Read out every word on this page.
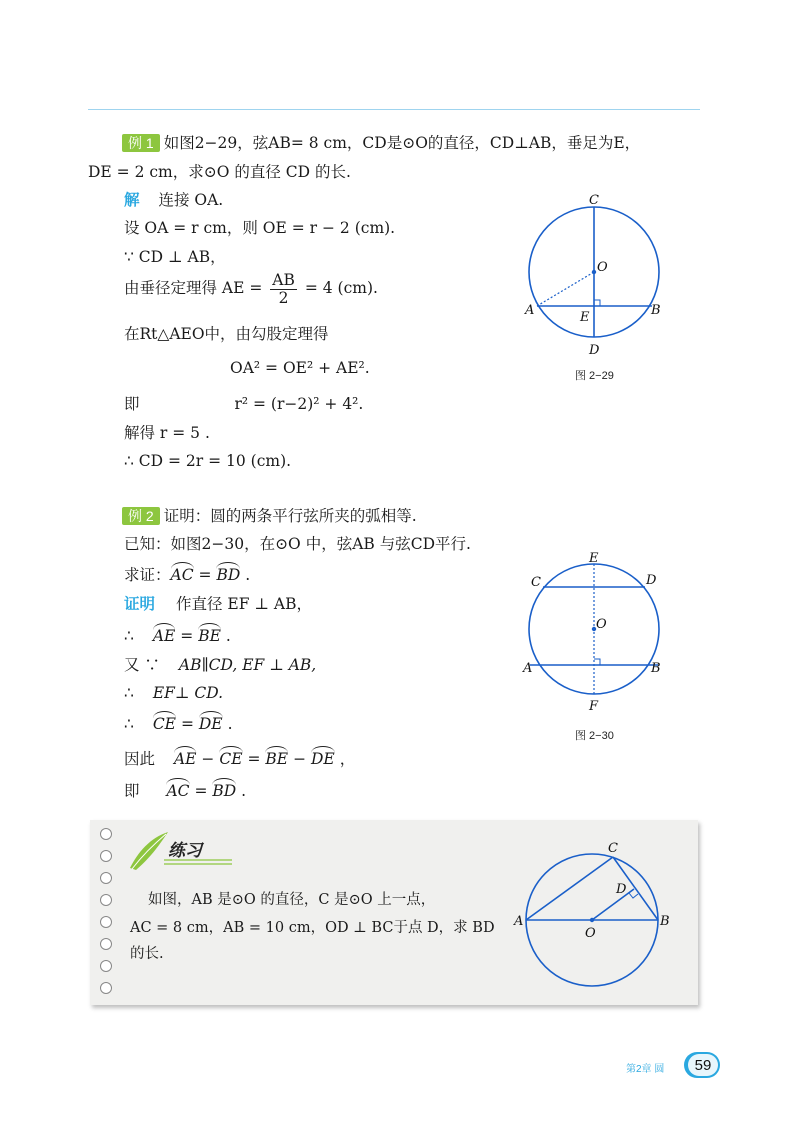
例 1 如图2−29，弦AB= 8 cm，CD是⊙O的直径，CD⊥AB，垂足为E，
DE = 2 cm，求⊙O 的直径 CD 的长.
解 连接 OA.
设 OA = r cm，则 OE = r − 2 (cm).
∵ CD ⊥ AB，
由垂径定理得 AE = $\frac{AB}{2} = 4$ (cm).
在Rt△AEO中，由勾股定理得
OA² = OE² + AE².
即	r² = (r−2)² + 4².
解得 r = 5 .
∴ CD = 2r = 10 (cm).
C
O
A	E	B
D
图 2−29
例 2 证明：圆的两条平行弦所夹的弧相等.
已知：如图2−30，在⊙O 中，弦AB 与弦CD平行.
求证：AC = BD .
证明 作直径 EF ⊥ AB，
∴ AE = BE .
又 ∵ AB∥CD, EF ⊥ AB,
∴ EF⊥ CD.
∴ CE = DE .
因此 AE − CE = BE − DE ，
即 AC = BD .
E
C	D
O
A	B
F
图 2−30
练习
如图，AB 是⊙O 的直径，C 是⊙O 上一点，
AC = 8 cm，AB = 10 cm，OD ⊥ BC于点 D，求 BD
的长.
C
D
A	B
O
第2章 圆	59
